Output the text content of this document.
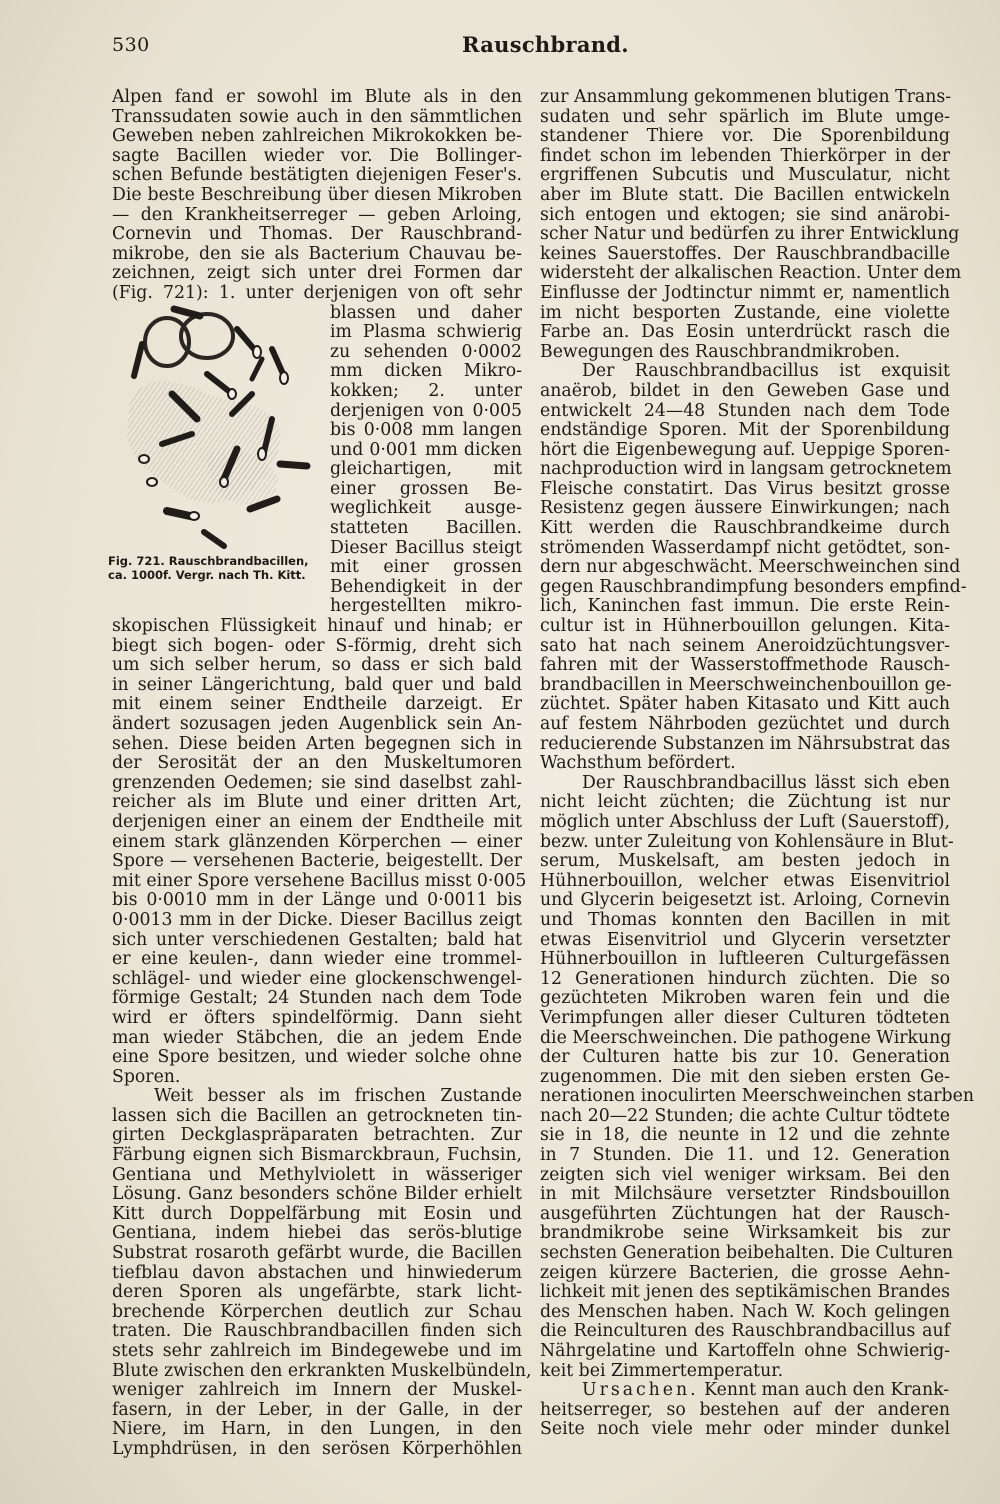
530	Rauschbrand.

Alpen fand er sowohl im Blute als in den
Transsudaten sowie auch in den sämmtlichen
Geweben neben zahlreichen Mikrokokken be-
sagte Bacillen wieder vor. Die Bollinger-
schen Befunde bestätigten diejenigen Feser's.
Die beste Beschreibung über diesen Mikroben
— den Krankheitserreger — geben Arloing,
Cornevin und Thomas. Der Rauschbrand-
mikrobe, den sie als Bacterium Chauvau be-
zeichnen, zeigt sich unter drei Formen dar
(Fig. 721): 1. unter derjenigen von oft sehr

Fig. 721. Rauschbrandbacillen,
ca. 1000f. Vergr. nach Th. Kitt.

blassen und daher
im Plasma schwierig
zu sehenden 0·0002
mm dicken Mikro-
kokken; 2. unter
derjenigen von 0·005
bis 0·008 mm langen
und 0·001 mm dicken
gleichartigen, mit
einer grossen Be-
weglichkeit ausge-
statteten Bacillen.
Dieser Bacillus steigt
mit einer grossen
Behendigkeit in der
hergestellten mikro-

skopischen Flüssigkeit hinauf und hinab; er
biegt sich bogen- oder S-förmig, dreht sich
um sich selber herum, so dass er sich bald
in seiner Längerichtung, bald quer und bald
mit einem seiner Endtheile darzeigt. Er
ändert sozusagen jeden Augenblick sein An-
sehen. Diese beiden Arten begegnen sich in
der Serosität der an den Muskeltumoren
grenzenden Oedemen; sie sind daselbst zahl-
reicher als im Blute und einer dritten Art,
derjenigen einer an einem der Endtheile mit
einem stark glänzenden Körperchen — einer
Spore — versehenen Bacterie, beigestellt. Der
mit einer Spore versehene Bacillus misst 0·005
bis 0·0010 mm in der Länge und 0·0011 bis
0·0013 mm in der Dicke. Dieser Bacillus zeigt
sich unter verschiedenen Gestalten; bald hat
er eine keulen-, dann wieder eine trommel-
schlägel- und wieder eine glockenschwengel-
förmige Gestalt; 24 Stunden nach dem Tode
wird er öfters spindelförmig. Dann sieht
man wieder Stäbchen, die an jedem Ende
eine Spore besitzen, und wieder solche ohne
Sporen.

Weit besser als im frischen Zustande
lassen sich die Bacillen an getrockneten tin-
girten Deckglaspräparaten betrachten. Zur
Färbung eignen sich Bismarckbraun, Fuchsin,
Gentiana und Methylviolett in wässeriger
Lösung. Ganz besonders schöne Bilder erhielt
Kitt durch Doppelfärbung mit Eosin und
Gentiana, indem hiebei das serös-blutige
Substrat rosaroth gefärbt wurde, die Bacillen
tiefblau davon abstachen und hinwiederum
deren Sporen als ungefärbte, stark licht-
brechende Körperchen deutlich zur Schau
traten. Die Rauschbrandbacillen finden sich
stets sehr zahlreich im Bindegewebe und im
Blute zwischen den erkrankten Muskelbündeln,
weniger zahlreich im Innern der Muskel-
fasern, in der Leber, in der Galle, in der
Niere, im Harn, in den Lungen, in den
Lymphdrüsen, in den serösen Körperhöhlen

zur Ansammlung gekommenen blutigen Trans-
sudaten und sehr spärlich im Blute umge-
standener Thiere vor. Die Sporenbildung
findet schon im lebenden Thierkörper in der
ergriffenen Subcutis und Musculatur, nicht
aber im Blute statt. Die Bacillen entwickeln
sich entogen und ektogen; sie sind anärobi-
scher Natur und bedürfen zu ihrer Entwicklung
keines Sauerstoffes. Der Rauschbrandbacille
widersteht der alkalischen Reaction. Unter dem
Einflusse der Jodtinctur nimmt er, namentlich
im nicht besporten Zustande, eine violette
Farbe an. Das Eosin unterdrückt rasch die
Bewegungen des Rauschbrandmikroben.

Der Rauschbrandbacillus ist exquisit
anaërob, bildet in den Geweben Gase und
entwickelt 24—48 Stunden nach dem Tode
endständige Sporen. Mit der Sporenbildung
hört die Eigenbewegung auf. Ueppige Sporen-
nachproduction wird in langsam getrocknetem
Fleische constatirt. Das Virus besitzt grosse
Resistenz gegen äussere Einwirkungen; nach
Kitt werden die Rauschbrandkeime durch
strömenden Wasserdampf nicht getödtet, son-
dern nur abgeschwächt. Meerschweinchen sind
gegen Rauschbrandimpfung besonders empfind-
lich, Kaninchen fast immun. Die erste Rein-
cultur ist in Hühnerbouillon gelungen. Kita-
sato hat nach seinem Aneroidzüchtungsver-
fahren mit der Wasserstoffmethode Rausch-
brandbacillen in Meerschweinchenbouillon ge-
züchtet. Später haben Kitasato und Kitt auch
auf festem Nährboden gezüchtet und durch
reducierende Substanzen im Nährsubstrat das
Wachsthum befördert.

Der Rauschbrandbacillus lässt sich eben
nicht leicht züchten; die Züchtung ist nur
möglich unter Abschluss der Luft (Sauerstoff),
bezw. unter Zuleitung von Kohlensäure in Blut-
serum, Muskelsaft, am besten jedoch in
Hühnerbouillon, welcher etwas Eisenvitriol
und Glycerin beigesetzt ist. Arloing, Cornevin
und Thomas konnten den Bacillen in mit
etwas Eisenvitriol und Glycerin versetzter
Hühnerbouillon in luftleeren Culturgefässen
12 Generationen hindurch züchten. Die so
gezüchteten Mikroben waren fein und die
Verimpfungen aller dieser Culturen tödteten
die Meerschweinchen. Die pathogene Wirkung
der Culturen hatte bis zur 10. Generation
zugenommen. Die mit den sieben ersten Ge-
nerationen inoculirten Meerschweinchen starben
nach 20—22 Stunden; die achte Cultur tödtete
sie in 18, die neunte in 12 und die zehnte
in 7 Stunden. Die 11. und 12. Generation
zeigten sich viel weniger wirksam. Bei den
in mit Milchsäure versetzter Rindsbouillon
ausgeführten Züchtungen hat der Rausch-
brandmikrobe seine Wirksamkeit bis zur
sechsten Generation beibehalten. Die Culturen
zeigen kürzere Bacterien, die grosse Aehn-
lichkeit mit jenen des septikämischen Brandes
des Menschen haben. Nach W. Koch gelingen
die Reinculturen des Rauschbrandbacillus auf
Nährgelatine und Kartoffeln ohne Schwierig-
keit bei Zimmertemperatur.

Ursachen. Kennt man auch den Krank-
heitserreger, so bestehen auf der anderen
Seite noch viele mehr oder minder dunkel
